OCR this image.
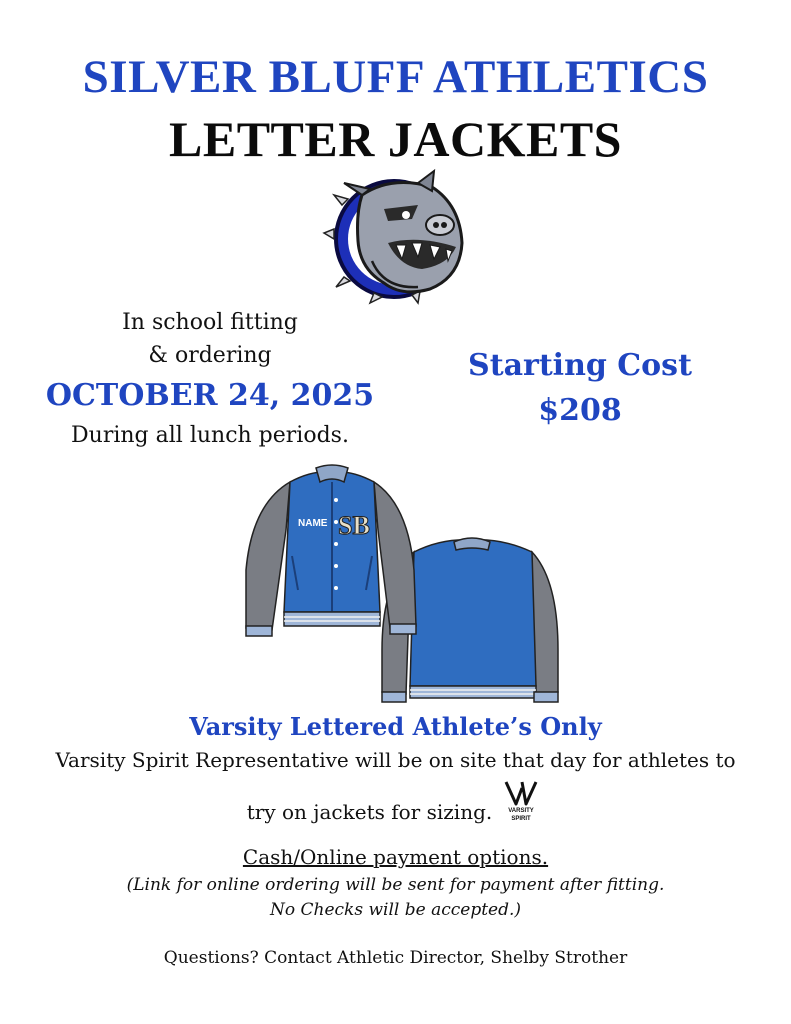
SILVER BLUFF ATHLETICS
LETTER JACKETS
In school fitting
& ordering
OCTOBER 24, 2025
During all lunch periods.
Starting Cost
$208
NAME SB
Varsity Lettered Athlete’s Only
Varsity Spirit Representative will be on site that day for athletes to
try on jackets for sizing.	VARSITY
SPIRIT
Cash/Online payment options.
(Link for online ordering will be sent for payment after fitting.
No Checks will be accepted.)
Questions? Contact Athletic Director, Shelby Strother
